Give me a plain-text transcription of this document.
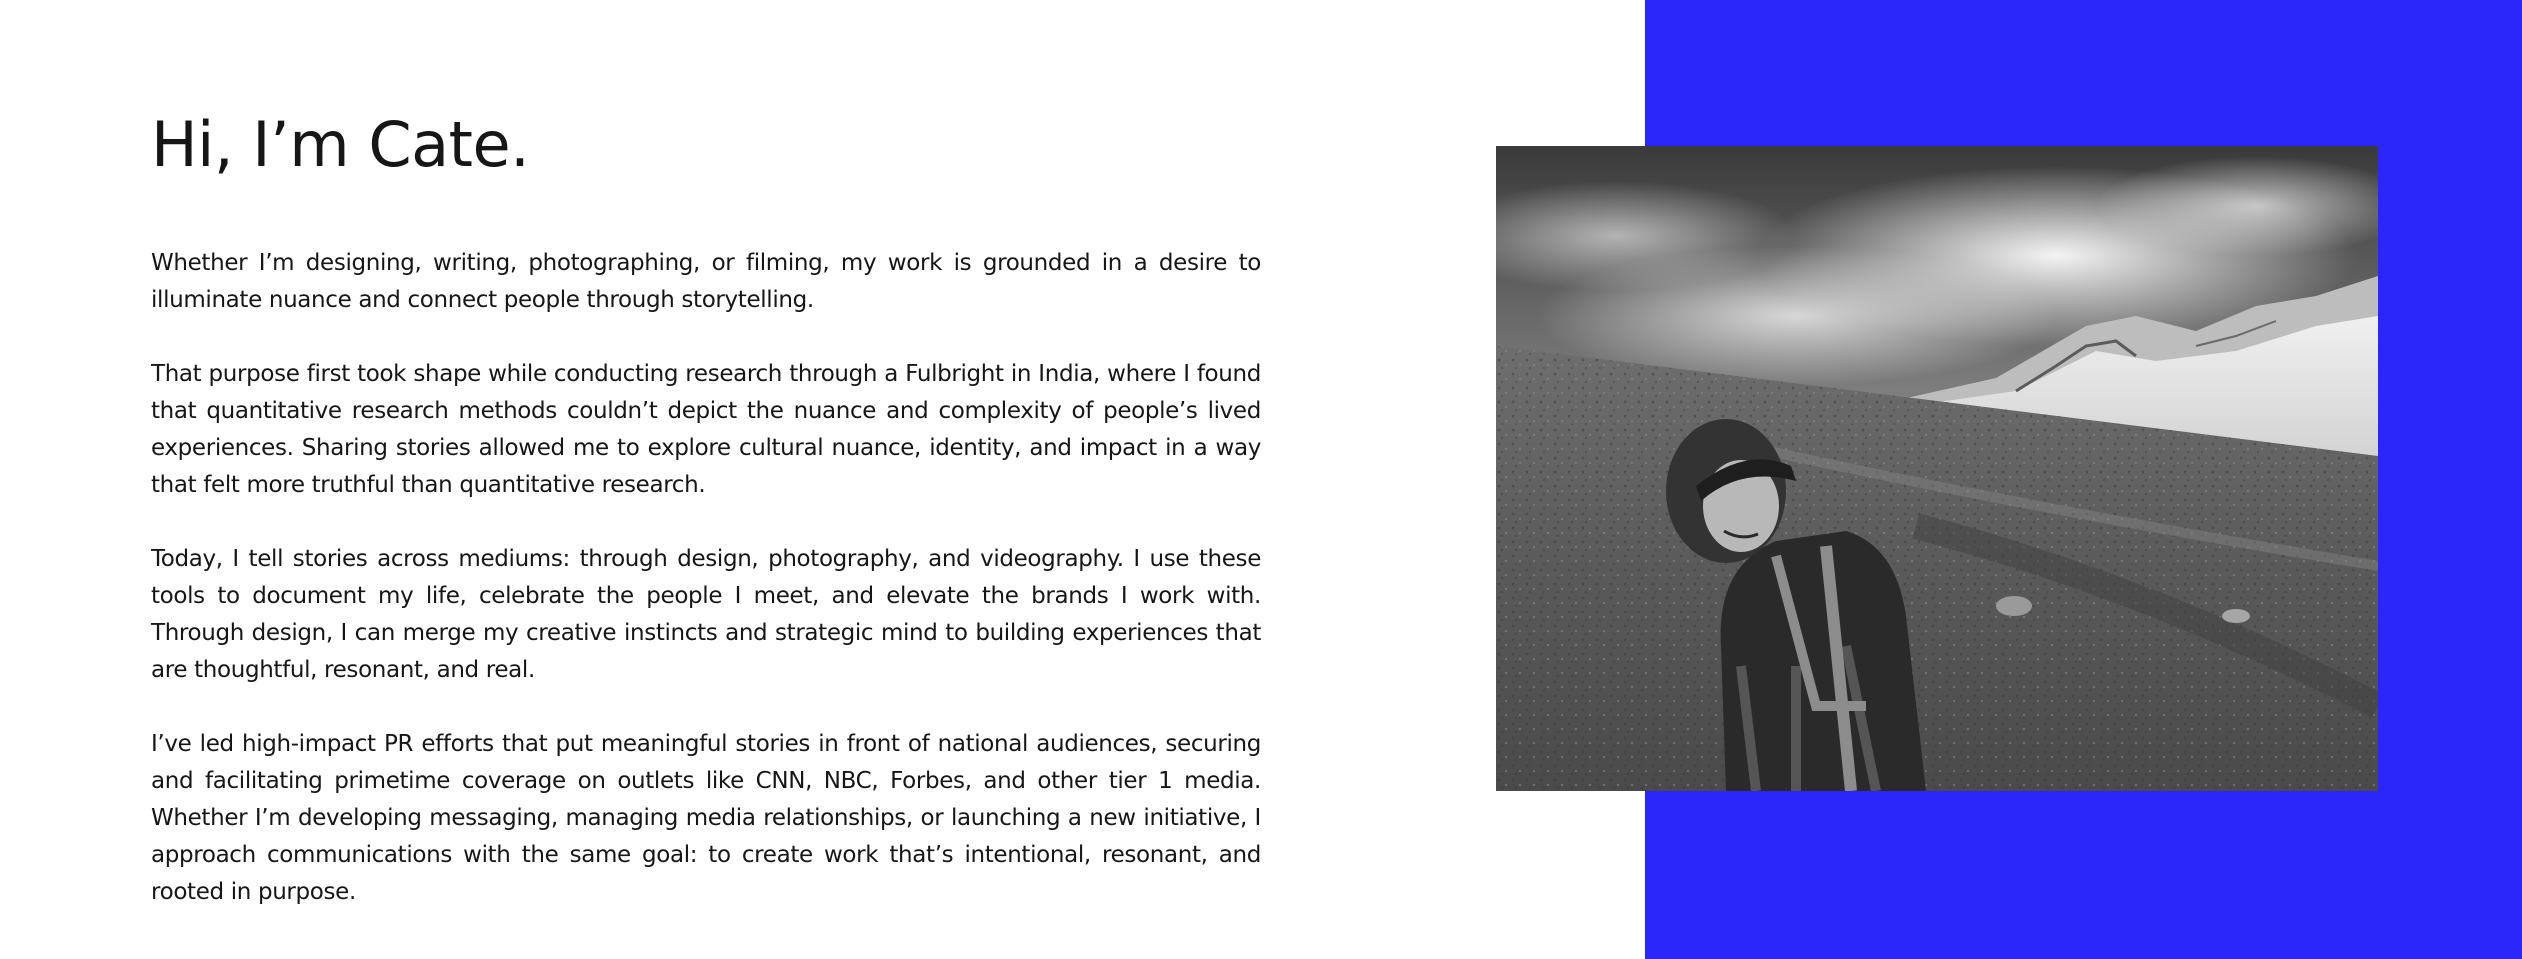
Hi, I’m Cate.

Whether I’m designing, writing, photographing, or filming, my work is grounded in a desire to illuminate nuance and connect people through storytelling.

That purpose first took shape while conducting research through a Fulbright in India, where I found that quantitative research methods couldn’t depict the nuance and complexity of people’s lived experiences. Sharing stories allowed me to explore cultural nuance, identity, and impact in a way that felt more truthful than quantitative research.

Today, I tell stories across mediums: through design, photography, and videography. I use these tools to document my life, celebrate the people I meet, and elevate the brands I work with. Through design, I can merge my creative instincts and strategic mind to building experiences that are thoughtful, resonant, and real.

I’ve led high-impact PR efforts that put meaningful stories in front of national audiences, securing and facilitating primetime coverage on outlets like CNN, NBC, Forbes, and other tier 1 media. Whether I’m developing messaging, managing media relationships, or launching a new initiative, I approach communications with the same goal: to create work that’s intentional, resonant, and rooted in purpose.
